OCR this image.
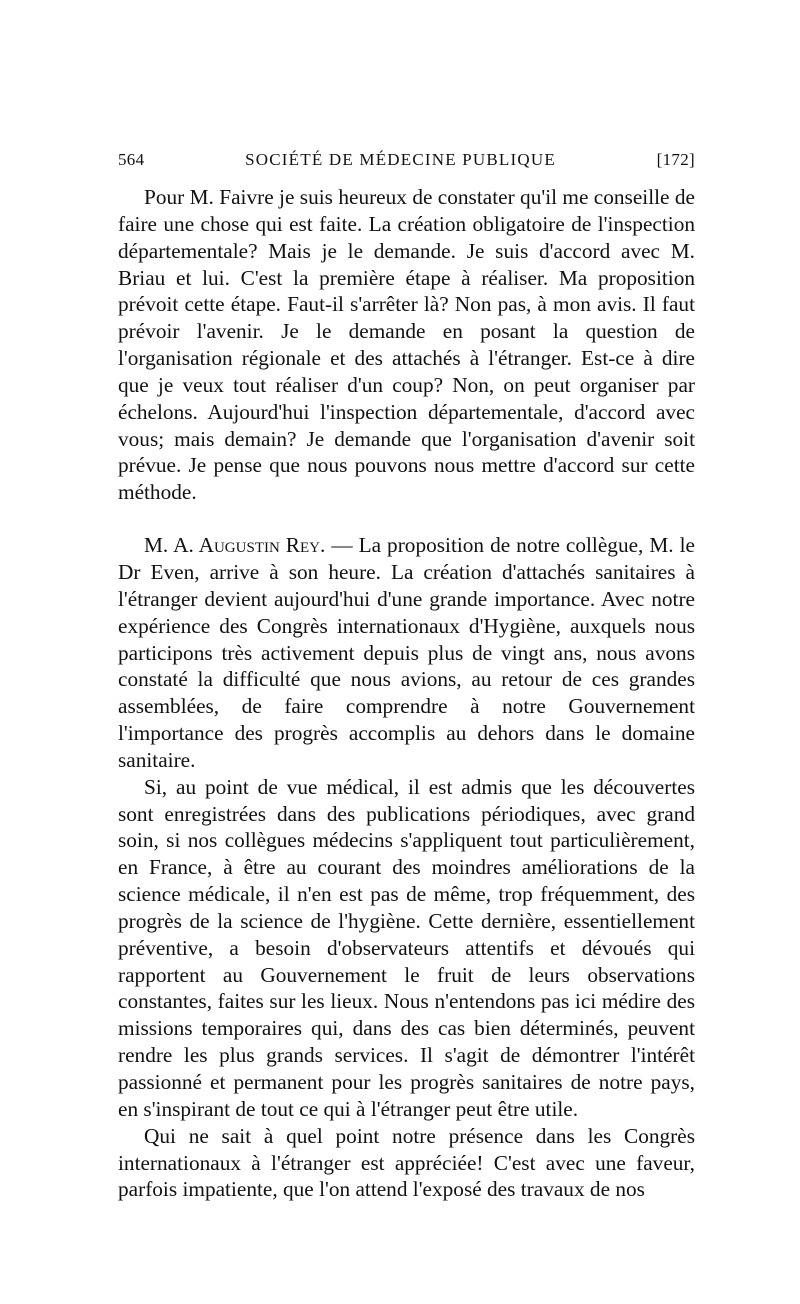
564	SOCIÉTÉ DE MÉDECINE PUBLIQUE	[172]

Pour M. Faivre je suis heureux de constater qu'il me conseille de faire une chose qui est faite. La création obligatoire de l'inspection départementale? Mais je le demande. Je suis d'accord avec M. Briau et lui. C'est la première étape à réaliser. Ma proposition prévoit cette étape. Faut-il s'arrêter là? Non pas, à mon avis. Il faut prévoir l'avenir. Je le demande en posant la question de l'organisation régionale et des attachés à l'étranger. Est-ce à dire que je veux tout réaliser d'un coup? Non, on peut organiser par échelons. Aujourd'hui l'inspection départementale, d'accord avec vous; mais demain? Je demande que l'organisation d'avenir soit prévue. Je pense que nous pouvons nous mettre d'accord sur cette méthode.

M. A. Augustin Rey. — La proposition de notre collègue, M. le Dr Even, arrive à son heure. La création d'attachés sanitaires à l'étranger devient aujourd'hui d'une grande importance. Avec notre expérience des Congrès internationaux d'Hygiène, auxquels nous participons très activement depuis plus de vingt ans, nous avons constaté la difficulté que nous avions, au retour de ces grandes assemblées, de faire comprendre à notre Gouvernement l'importance des progrès accomplis au dehors dans le domaine sanitaire.

Si, au point de vue médical, il est admis que les découvertes sont enregistrées dans des publications périodiques, avec grand soin, si nos collègues médecins s'appliquent tout particulièrement, en France, à être au courant des moindres améliorations de la science médicale, il n'en est pas de même, trop fréquemment, des progrès de la science de l'hygiène. Cette dernière, essentiellement préventive, a besoin d'observateurs attentifs et dévoués qui rapportent au Gouvernement le fruit de leurs observations constantes, faites sur les lieux. Nous n'entendons pas ici médire des missions temporaires qui, dans des cas bien déterminés, peuvent rendre les plus grands services. Il s'agit de démontrer l'intérêt passionné et permanent pour les progrès sanitaires de notre pays, en s'inspirant de tout ce qui à l'étranger peut être utile.

Qui ne sait à quel point notre présence dans les Congrès internationaux à l'étranger est appréciée! C'est avec une faveur, parfois impatiente, que l'on attend l'exposé des travaux de nos
